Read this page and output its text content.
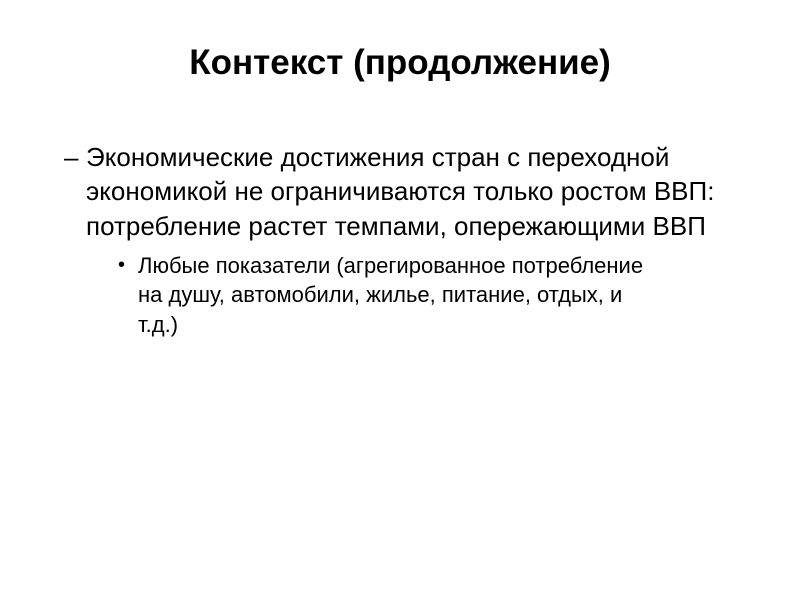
Контекст (продолжение)
– Экономические достижения стран с переходной экономикой не ограничиваются только ростом ВВП: потребление растет темпами, опережающими ВВП
• Любые показатели (агрегированное потребление на душу, автомобили, жилье, питание, отдых, и т.д.)
